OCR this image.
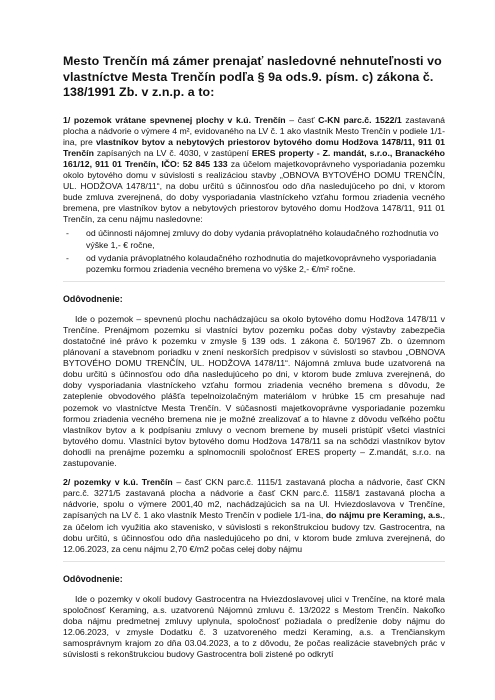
Mesto Trenčín má zámer prenajať nasledovné nehnuteľnosti vo vlastníctve Mesta Trenčín podľa § 9a ods.9. písm. c) zákona č. 138/1991 Zb. v z.n.p. a to:

1/ pozemok vrátane spevnenej plochy v k.ú. Trenčín – časť C-KN parc.č. 1522/1 zastavaná plocha a nádvorie o výmere 4 m², evidovaného na LV č. 1 ako vlastník Mesto Trenčín v podiele 1/1-ina, pre vlastníkov bytov a nebytových priestorov bytového domu Hodžova 1478/11, 911 01 Trenčín zapísaných na LV č. 4030, v zastúpení ERES property - Z. mandát, s.r.o., Branackého 161/12, 911 01 Trenčín, IČO: 52 845 133 za účelom majetkovoprávneho vysporiadania pozemku okolo bytového domu v súvislosti s realizáciou stavby „OBNOVA BYTOVÉHO DOMU TRENČÍN, UL. HODŽOVA 1478/11“, na dobu určitú s účinnosťou odo dňa nasledujúceho po dni, v ktorom bude zmluva zverejnená, do doby vysporiadania vlastníckeho vzťahu formou zriadenia vecného bremena, pre vlastníkov bytov a nebytových priestorov bytového domu Hodžova 1478/11, 911 01 Trenčín, za cenu nájmu nasledovne:

- od účinnosti nájomnej zmluvy do doby vydania právoplatného kolaudačného rozhodnutia vo výške 1,- € ročne,
- od vydania právoplatného kolaudačného rozhodnutia do majetkovoprávneho vysporiadania pozemku formou zriadenia vecného bremena vo výške 2,- €/m² ročne.
Odôvodnenie:

Ide o pozemok – spevnenú plochu nachádzajúcu sa okolo bytového domu Hodžova 1478/11 v Trenčíne. Prenájmom pozemku si vlastníci bytov pozemku počas doby výstavby zabezpečia dostatočné iné právo k pozemku v zmysle § 139 ods. 1 zákona č. 50/1967 Zb. o územnom plánovaní a stavebnom poriadku v znení neskorších predpisov v súvislosti so stavbou „OBNOVA BYTOVÉHO DOMU TRENČÍN, UL. HODŽOVA 1478/11“. Nájomná zmluva bude uzatvorená na dobu určitú s účinnosťou odo dňa nasledujúceho po dni, v ktorom bude zmluva zverejnená, do doby vysporiadania vlastníckeho vzťahu formou zriadenia vecného bremena s dôvodu, že zateplenie obvodového plášťa tepelnoizolačným materiálom v hrúbke 15 cm presahuje nad pozemok vo vlastníctve Mesta Trenčín. V súčasnosti majetkovoprávne vysporiadanie pozemku formou zriadenia vecného bremena nie je možné zrealizovať a to hlavne z dôvodu veľkého počtu vlastníkov bytov a k podpísaniu zmluvy o vecnom bremene by museli pristúpiť všetci vlastníci bytového domu. Vlastníci bytov bytového domu Hodžova 1478/11 sa na schôdzi vlastníkov bytov dohodli na prenájme pozemku a splnomocnili spoločnosť ERES property – Z.mandát, s.r.o. na zastupovanie.

2/ pozemky v k.ú. Trenčín – časť CKN parc.č. 1115/1 zastavaná plocha a nádvorie, časť CKN parc.č. 3271/5 zastavaná plocha a nádvorie a časť CKN parc.č. 1158/1 zastavaná plocha a nádvorie, spolu o výmere 2001,40 m2, nachádzajúcich sa na Ul. Hviezdoslavova v Trenčíne, zapísaných na LV č. 1 ako vlastník Mesto Trenčín v podiele 1/1-ina, do nájmu pre Keraming, a.s., za účelom ich využitia ako stavenisko, v súvislosti s rekonštrukciou budovy tzv. Gastrocentra, na dobu určitú, s účinnosťou odo dňa nasledujúceho po dni, v ktorom bude zmluva zverejnená, do 12.06.2023, za cenu nájmu 2,70 €/m2 počas celej doby nájmu

Odôvodnenie:

Ide o pozemky v okolí budovy Gastrocentra na Hviezdoslavovej ulici v Trenčíne, na ktoré mala spoločnosť Keraming, a.s. uzatvorenú Nájomnú zmluvu č. 13/2022 s Mestom Trenčín. Nakoľko doba nájmu predmetnej zmluvy uplynula, spoločnosť požiadala o predĺženie doby nájmu do 12.06.2023, v zmysle Dodatku č. 3 uzatvoreného medzi Keraming, a.s. a Trenčianskym samosprávnym krajom zo dňa 03.04.2023, a to z dôvodu, že počas realizácie stavebných prác v súvislosti s rekonštrukciou budovy Gastrocentra boli zistené po odkrytí
